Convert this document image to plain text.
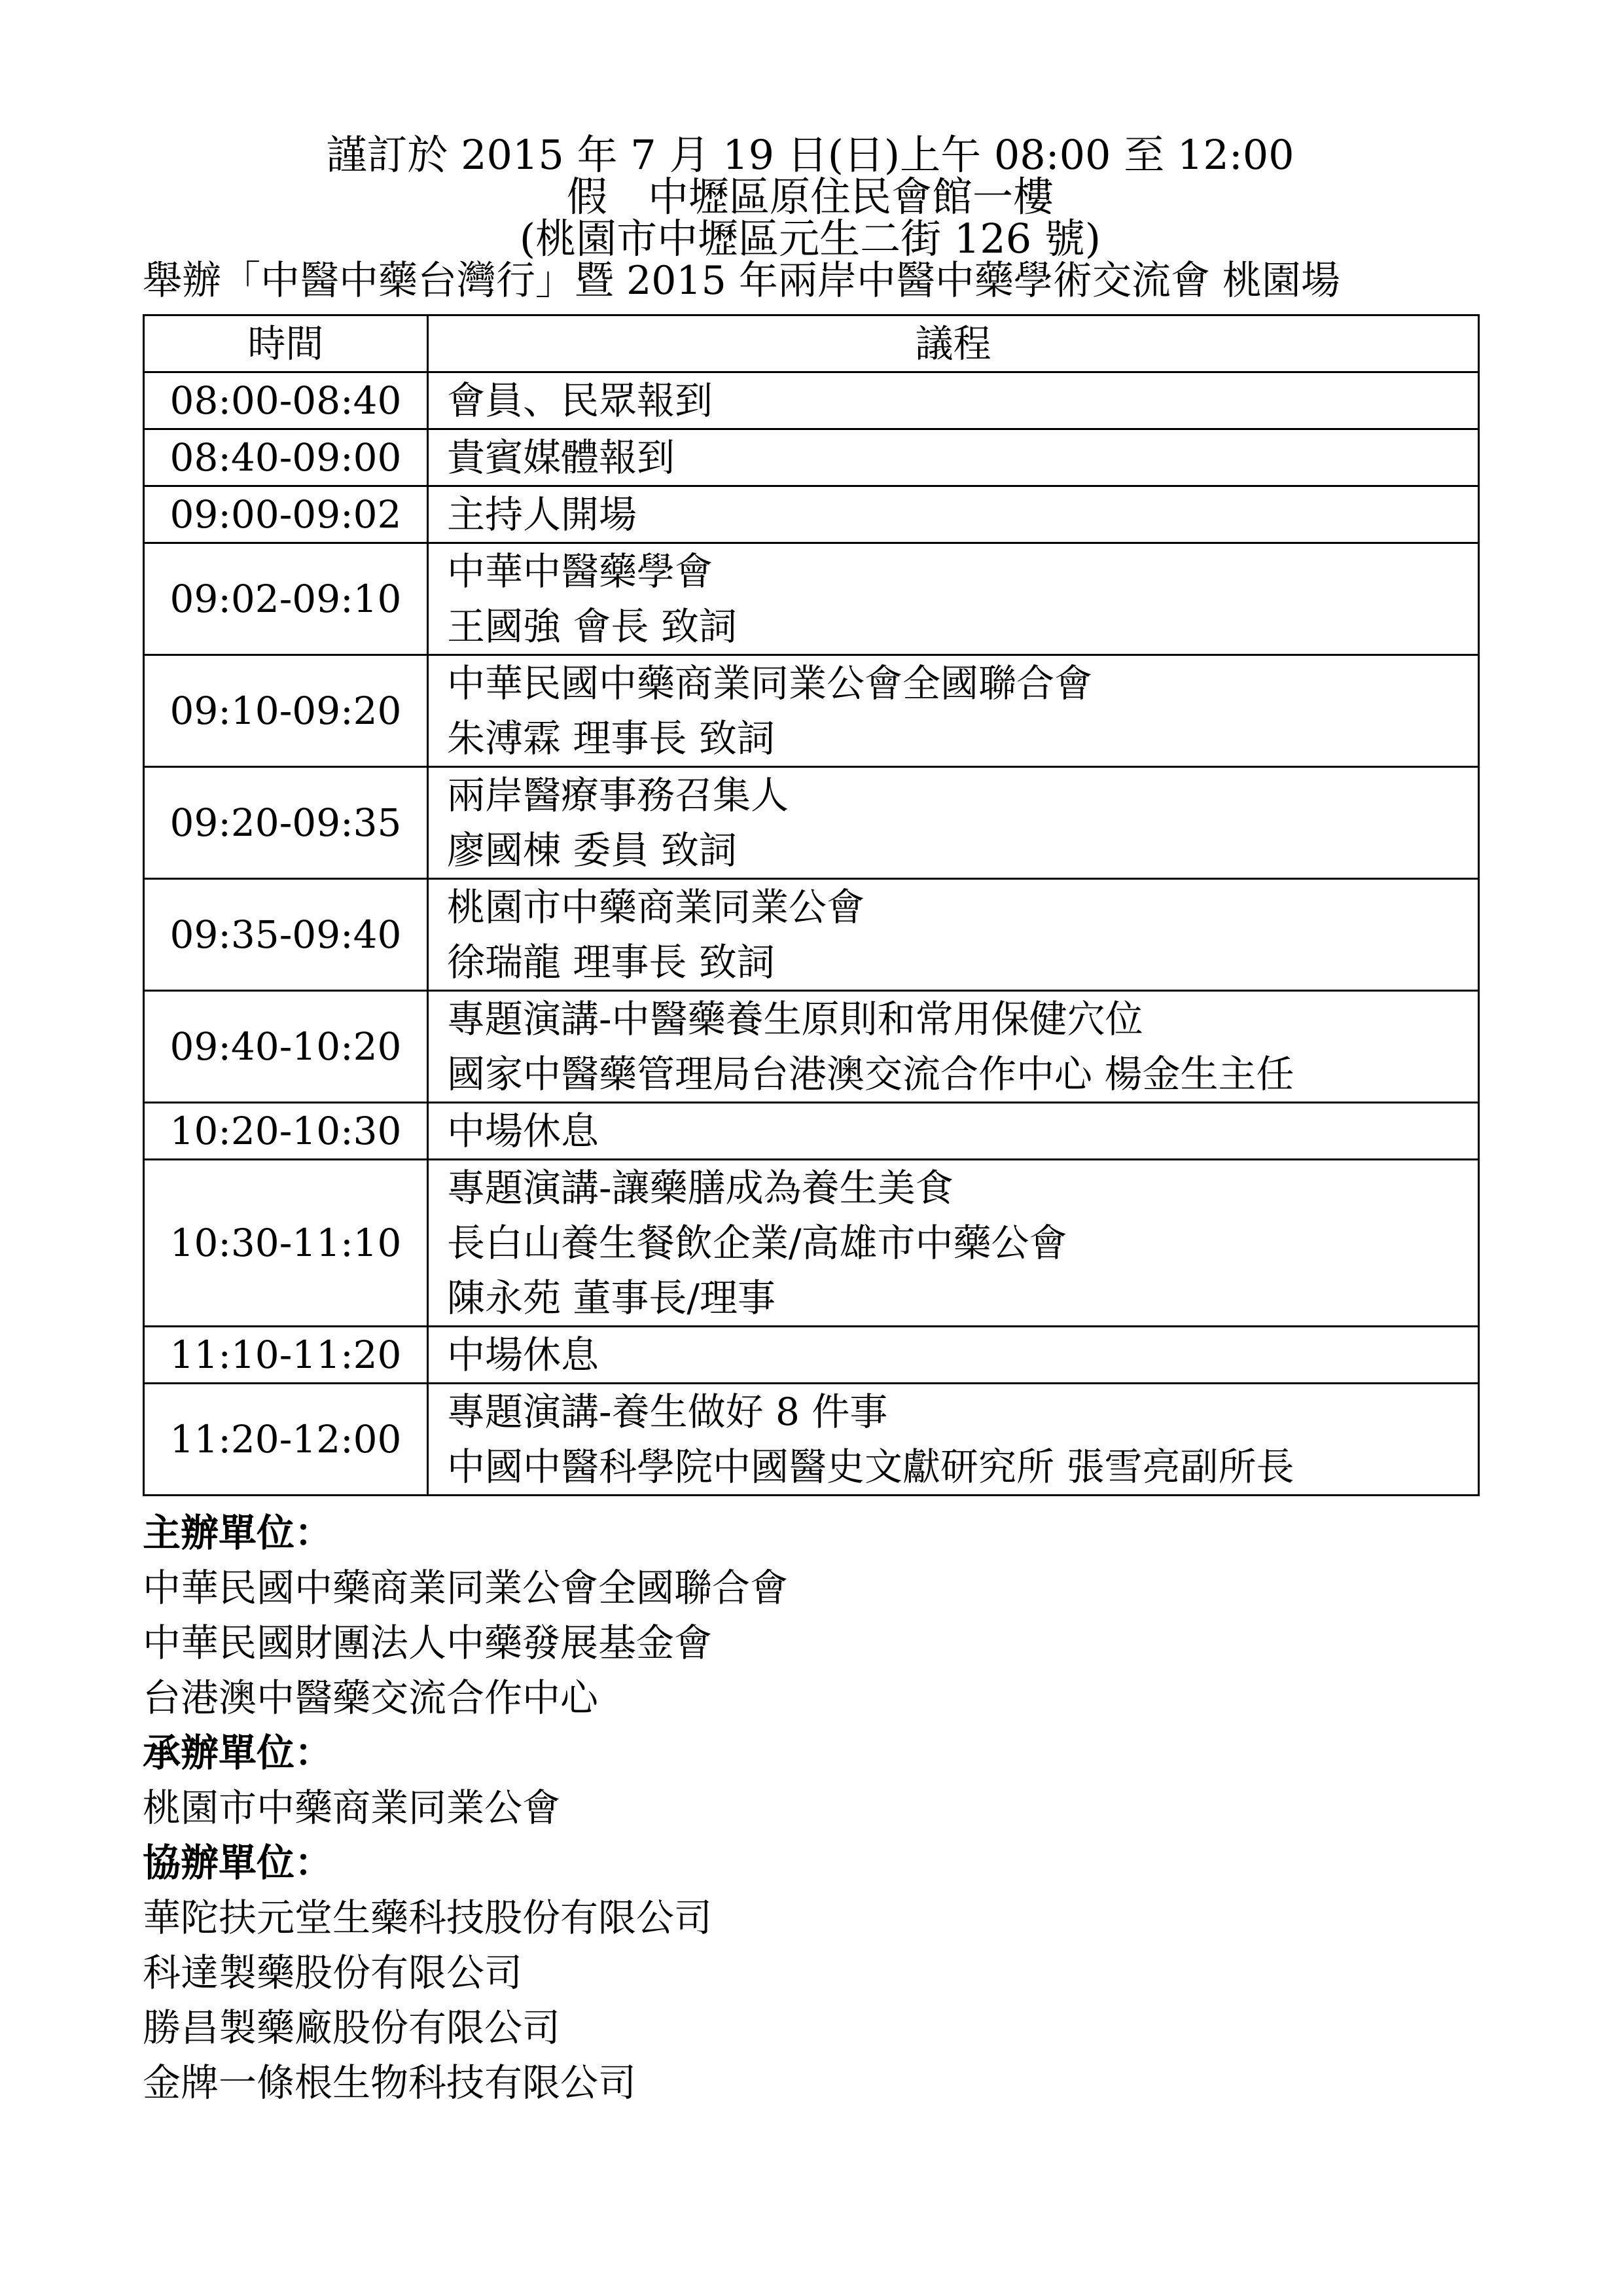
謹訂於 2015 年 7 月 19 日(日)上午 08:00 至 12:00
假　中壢區原住民會館一樓
(桃園市中壢區元生二街 126 號)
舉辦「中醫中藥台灣行」暨 2015 年兩岸中醫中藥學術交流會 桃園場
時間	議程
08:00-08:40	會員、民眾報到

08:40-09:00	貴賓媒體報到

09:00-09:02	主持人開場

09:02-09:10	中華中醫藥學會
王國強 會長 致詞

09:10-09:20	中華民國中藥商業同業公會全國聯合會
朱溥霖 理事長 致詞

09:20-09:35	兩岸醫療事務召集人
廖國棟 委員 致詞

09:35-09:40	桃園市中藥商業同業公會
徐瑞龍 理事長 致詞

09:40-10:20	專題演講-中醫藥養生原則和常用保健穴位
國家中醫藥管理局台港澳交流合作中心 楊金生主任

10:20-10:30	中場休息

10:30-11:10	專題演講-讓藥膳成為養生美食
長白山養生餐飲企業/高雄市中藥公會
陳永苑 董事長/理事

11:10-11:20	中場休息

11:20-12:00	專題演講-養生做好 8 件事
中國中醫科學院中國醫史文獻研究所 張雪亮副所長
主辦單位：
中華民國中藥商業同業公會全國聯合會
中華民國財團法人中藥發展基金會
台港澳中醫藥交流合作中心
承辦單位：
桃園市中藥商業同業公會
協辦單位：
華陀扶元堂生藥科技股份有限公司
科達製藥股份有限公司
勝昌製藥廠股份有限公司
金牌一條根生物科技有限公司
